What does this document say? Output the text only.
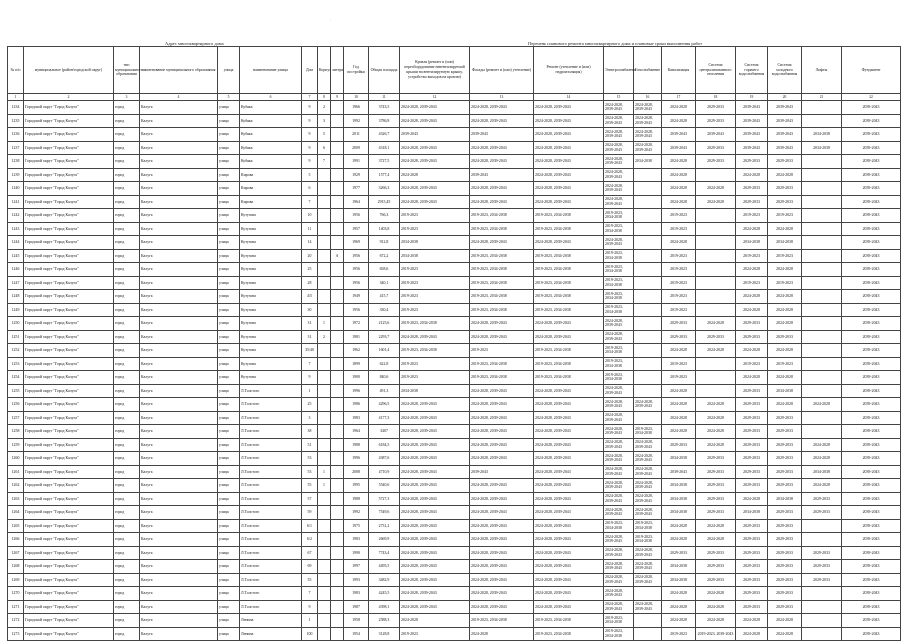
·
Адрес многоквартирного дома	Перечень планового ремонта многоквартирного дома и плановые сроки выполнения работ
№ п/п	муниципальное (район/городской округ)	тип муниципального образования	наименование муниципального образования	улица	наименование улицы	Дом	Корпус	литера	Год постройки	Общая площадь	Кровля (ремонт и (или) переоборудование невентилируемой крыши на вентилируемую крышу, устройство выходов на кровлю)	Фасады (ремонт и (или) утепление)	Ремонт (утепление и (или) гидроизоляция)	Электроснабжение	Газоснабжение	Канализация	Система централизованного отопления	Система горячего водоснабжения	Система холодного водоснабжения	Лифты	Фундамент
1	2	3	4	5	6	7	8	9	10	11	12	13	14	15	16	17	18	19	20	21	22
1234	Городской округ "Город Калуга"	город	Калуга	улица	Кубяка	9	2		1966	3743,5	2024-2028, 2039-2043	2024-2028, 2039-2043	2024-2028, 2039-2043	2024-2028, 2039-2043	2024-2028, 2039-2043	2024-2028	2029-2033	2039-2043	2039-2043		2039-2043
1235	Городской округ "Город Калуга"	город	Калуга	улица	Кубяка	9	3		1992	3786,8	2024-2028, 2039-2043	2024-2028, 2039-2043	2024-2028, 2039-2043	2024-2028, 2039-2043	2024-2028, 2039-2043	2024-2028	2029-2033	2039-2043	2039-2043		2039-2043
1236	Городской округ "Город Калуга"	город	Калуга	улица	Кубяка	9	5		2011	4326,7	2039-2043	2039-2043	2024-2028, 2039-2043	2024-2028, 2039-2043	2024-2028, 2039-2043	2039-2043	2039-2043	2039-2043	2039-2043	2034-2038	2039-2043
1237	Городской округ "Город Калуга"	город	Калуга	улица	Кубяка	9	6		2009	4318,1	2024-2028, 2039-2043	2024-2028, 2039-2043	2024-2028, 2039-2043	2024-2028, 2039-2043	2024-2028, 2039-2043	2039-2043	2029-2033	2039-2043	2039-2043	2034-2038	2039-2043
1238	Городской округ "Город Калуга"	город	Калуга	улица	Кубяка	9	7		1991	3727,5	2024-2028, 2039-2043	2024-2028, 2039-2043	2024-2028, 2039-2043	2024-2028, 2039-2043	2034-2038	2024-2028	2029-2033	2029-2033	2029-2033		2039-2043
1239	Городской округ "Город Калуга"	город	Калуга	улица	Кирова	5			1929	1577,4	2024-2028	2039-2043	2024-2028, 2039-2043	2024-2028, 2039-2043		2024-2028		2024-2028	2024-2028		2039-2043
1240	Городской округ "Город Калуга"	город	Калуга	улица	Кирова	6			1977	3266,3	2024-2028, 2039-2043	2024-2028, 2039-2043	2024-2028, 2039-2043	2024-2028, 2039-2043		2024-2028	2024-2028	2029-2033	2029-2033		2039-2043
1241	Городской округ "Город Калуга"	город	Калуга	улица	Кирова	7			1964	2915,45	2024-2028, 2039-2043	2024-2028, 2039-2043	2024-2028, 2039-2043	2024-2028, 2039-2043		2024-2028	2024-2028	2029-2033	2029-2033		2039-2043
1242	Городской округ "Город Калуга"	город	Калуга	улица	Кутузова	10			1956	766,3	2019-2023	2019-2023, 2034-2038	2019-2023, 2034-2038	2019-2023, 2034-2038		2019-2023		2019-2023	2019-2023		2039-2043
1243	Городской округ "Город Калуга"	город	Калуга	улица	Кутузова	11			1957	1403,8	2019-2023	2019-2023, 2034-2038	2019-2023, 2034-2038	2019-2023, 2034-2038		2019-2023		2024-2028	2024-2028		2039-2043
1244	Городской округ "Город Калуга"	город	Калуга	улица	Кутузова	14			1969	912,8	2034-2038	2024-2028, 2039-2043	2024-2028, 2039-2043	2024-2028, 2039-2043		2024-2028		2034-2038	2034-2038		2039-2043
1245	Городской округ "Город Калуга"	город	Калуга	улица	Кутузова	20		А	1956	672,2	2034-2038	2019-2023, 2034-2038	2019-2023, 2034-2038	2019-2023, 2034-2038		2019-2023		2019-2023	2019-2023		2039-2043
1246	Городской округ "Город Калуга"	город	Калуга	улица	Кутузова	25			1956	658,6	2019-2023	2019-2023, 2034-2038	2019-2023, 2034-2038	2019-2023, 2034-2038		2019-2023		2024-2028	2024-2028		2039-2043
1247	Городской округ "Город Калуга"	город	Калуга	улица	Кутузова	28			1956	340,1	2019-2023	2019-2023, 2034-2038	2019-2023, 2034-2038	2019-2023, 2034-2038		2019-2023		2019-2023	2019-2023		2039-2043
1248	Городской округ "Город Калуга"	город	Калуга	улица	Кутузова	4/5			1949	415,7	2019-2023	2019-2023, 2034-2038	2019-2023, 2034-2038	2019-2023, 2034-2038		2019-2023		2024-2028	2024-2028		2039-2043
1249	Городской округ "Город Калуга"	город	Калуга	улица	Кутузова	30			1956	330,4	2019-2023	2019-2023, 2034-2038	2019-2023, 2034-2038	2019-2023, 2034-2038		2019-2023		2024-2028	2024-2028		2039-2043
1250	Городской округ "Город Калуга"	город	Калуга	улица	Кутузова	31	1		1972	2125,6	2019-2023, 2034-2038	2024-2028, 2039-2043	2024-2028, 2039-2043	2024-2028, 2039-2043		2029-2033	2024-2028	2029-2033	2024-2028		2039-2043
1251	Городской округ "Город Калуга"	город	Калуга	улица	Кутузова	31	2		1981	2293,7	2024-2028, 2039-2043	2024-2028, 2039-2043	2024-2028, 2039-2043	2024-2028, 2039-2043		2029-2033	2029-2033	2029-2033	2029-2033		2039-2043
1252	Городской округ "Город Калуга"	город	Калуга	улица	Кутузова	35/40			1962	1601,4	2019-2023, 2034-2038	2019-2023	2019-2023, 2034-2038	2019-2023, 2034-2038		2024-2028	2024-2028	2024-2028	2024-2028		2039-2043
1253	Городской округ "Город Калуга"	город	Калуга	улица	Кутузова	7			1899	622,8	2019-2023	2019-2023, 2034-2038	2019-2023, 2034-2038	2019-2023, 2034-2038		2019-2023		2019-2023	2019-2023		2039-2043
1254	Городской округ "Город Калуга"	город	Калуга	улица	Кутузова	9			1900	840,6	2019-2023	2019-2023, 2034-2038	2019-2023, 2034-2038	2019-2023, 2034-2038		2019-2023		2024-2028	2024-2028		2039-2043
1255	Городской округ "Город Калуга"	город	Калуга	улица	Л.Толстого	1			1996	491,3	2034-2038	2024-2028, 2039-2043	2024-2028, 2039-2043	2024-2028, 2039-2043		2024-2028		2029-2033	2034-2038		2039-2043
1256	Городской округ "Город Калуга"	город	Калуга	улица	Л.Толстого	25			1986	4296,5	2024-2028, 2039-2043	2024-2028, 2039-2043	2024-2028, 2039-2043	2024-2028, 2039-2043	2024-2028, 2039-2043	2024-2028	2024-2028	2029-2033	2024-2028	2024-2028	2039-2043
1257	Городской округ "Город Калуга"	город	Калуга	улица	Л.Толстого	3			1983	4177,3	2024-2028, 2039-2043	2024-2028, 2039-2043	2024-2028, 2039-2043	2024-2028, 2039-2043		2024-2028	2024-2028	2029-2033	2029-2033		2039-2043
1258	Городской округ "Город Калуга"	город	Калуга	улица	Л.Толстого	38			1964	3407	2024-2028, 2039-2043	2024-2028, 2039-2043	2024-2028, 2039-2043	2024-2028, 2039-2043	2019-2023, 2034-2038	2024-2028	2024-2028	2029-2033	2029-2033		2039-2043
1259	Городской округ "Город Калуга"	город	Калуга	улица	Л.Толстого	51			1988	6184,5	2024-2028, 2039-2043	2024-2028, 2039-2043	2024-2028, 2039-2043	2024-2028, 2039-2043	2024-2028, 2039-2043	2029-2033	2024-2028	2029-2033	2029-2033	2024-2028	2039-2043
1260	Городской округ "Город Калуга"	город	Калуга	улица	Л.Толстого	53			1996	4387,6	2024-2028, 2039-2043	2024-2028, 2039-2043	2024-2028, 2039-2043	2024-2028, 2039-2043	2024-2028, 2039-2043	2034-2038	2029-2033	2029-2033	2029-2033	2024-2028	2039-2043
1261	Городской округ "Город Калуга"	город	Калуга	улица	Л.Толстого	53	1		2008	4710,9	2024-2028, 2039-2043	2039-2043	2024-2028, 2039-2043	2024-2028, 2039-2043	2024-2028, 2039-2043	2039-2043	2029-2033	2029-2033	2029-2033	2034-2038	2039-2043
1262	Городской округ "Город Калуга"	город	Калуга	улица	Л.Толстого	55	1		1995	5540,6	2024-2028, 2039-2043	2024-2028, 2039-2043	2024-2028, 2039-2043	2024-2028, 2039-2043	2024-2028, 2039-2043	2034-2038	2029-2033	2029-2033	2029-2033	2024-2028	2039-2043
1263	Городской округ "Город Калуга"	город	Калуга	улица	Л.Толстого	57			1988	5727,3	2024-2028, 2039-2043	2024-2028, 2039-2043	2024-2028, 2039-2043	2024-2028, 2039-2043	2024-2028, 2039-2043	2034-2038	2029-2033	2024-2028	2034-2038	2029-2033	2039-2043
1264	Городской округ "Город Калуга"	город	Калуга	улица	Л.Толстого	59			1992	7549,6	2024-2028, 2039-2043	2024-2028, 2039-2043	2024-2028, 2039-2043	2024-2028, 2039-2043	2024-2028, 2039-2043	2034-2038	2029-2033	2034-2038	2029-2033	2029-2033	2039-2043
1265	Городской округ "Город Калуга"	город	Калуга	улица	Л.Толстого	6/1			1975	2731,2	2024-2028, 2039-2043	2024-2028, 2039-2043	2024-2028, 2039-2043	2019-2023, 2034-2038	2019-2023, 2034-2038	2024-2028	2024-2028	2029-2033	2029-2033		2039-2043
1266	Городской округ "Город Калуга"	город	Калуга	улица	Л.Толстого	6/2			1983	2669,9	2024-2028, 2039-2043	2024-2028, 2039-2043	2024-2028, 2039-2043	2024-2028, 2039-2043	2019-2023, 2034-2038	2024-2028	2024-2028	2029-2033	2029-2033		2039-2043
1267	Городской округ "Город Калуга"	город	Калуга	улица	Л.Толстого	67			1990	7743,4	2024-2028, 2039-2043	2024-2028, 2039-2043	2024-2028, 2039-2043	2024-2028, 2039-2043	2024-2028, 2039-2043	2029-2033	2029-2033	2029-2033	2029-2033	2029-2033	2039-2043
1268	Городской округ "Город Калуга"	город	Калуга	улица	Л.Толстого	69			1997	4495,5	2024-2028, 2039-2043	2024-2028, 2039-2043	2024-2028, 2039-2043	2024-2028, 2039-2043	2024-2028, 2039-2043	2034-2038	2029-2033	2029-2033	2029-2033	2029-2033	2039-2043
1269	Городской округ "Город Калуга"	город	Калуга	улица	Л.Толстого	55			1993	3482,9	2024-2028, 2039-2043	2024-2028, 2039-2043	2024-2028, 2039-2043	2024-2028, 2039-2043	2024-2028, 2039-2043	2034-2038	2029-2033	2029-2033	2029-2033	2029-2033	2039-2043
1270	Городской округ "Город Калуга"	город	Калуга	улица	Л.Толстого	7			1983	4245,5	2024-2028, 2039-2043	2024-2028, 2039-2043	2024-2028, 2039-2043	2024-2028, 2039-2043		2024-2028	2024-2028	2029-2033	2029-2033		2039-2043
1271	Городской округ "Город Калуга"	город	Калуга	улица	Л.Толстого	9			1987	4398,1	2024-2028, 2039-2043	2024-2028, 2039-2043	2024-2028, 2039-2043	2024-2028, 2039-2043	2024-2028, 2039-2043	2024-2028	2024-2028	2029-2033	2029-2033		2039-2043
1272	Городской округ "Город Калуга"	город	Калуга	улица	Ленина	1			1958	2588,3	2024-2028	2019-2023, 2034-2038	2019-2023, 2034-2038	2019-2023, 2034-2038		2024-2028	2024-2028	2024-2028	2024-2028		2039-2043
1273	Городской округ "Город Калуга"	город	Калуга	улица	Ленина	100			1954	3128,8	2019-2023	2024-2028	2019-2023, 2034-2038	2019-2023, 2034-2038		2019-2023	2019-2023, 2039-2043	2024-2028	2024-2028		2039-2043
